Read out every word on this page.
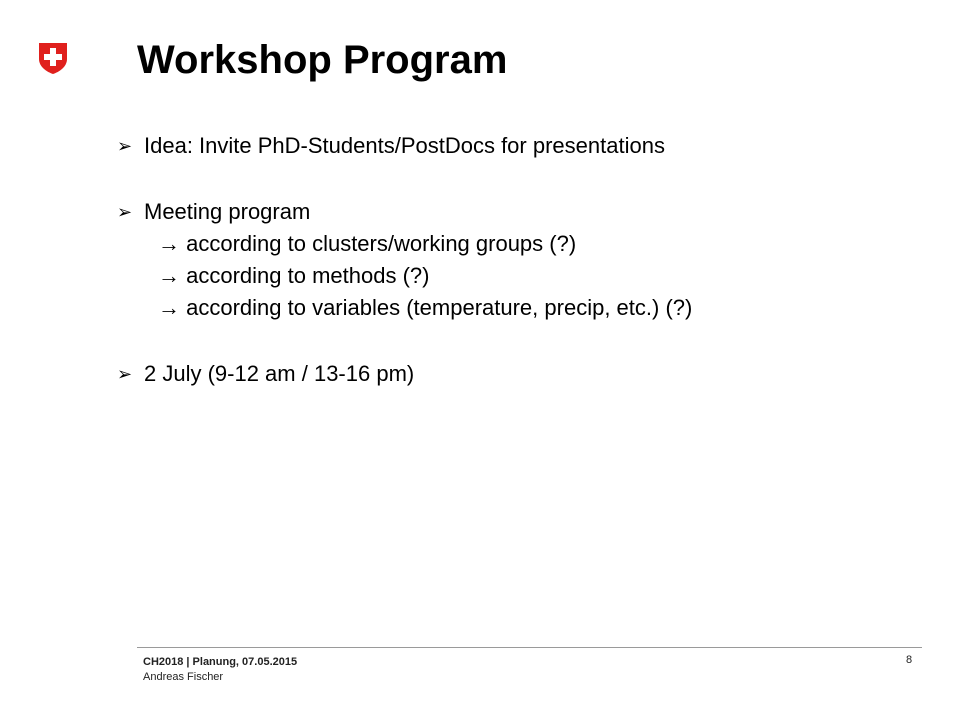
Workshop Program
➢ Idea: Invite PhD-Students/PostDocs for presentations
➢ Meeting program
→ according to clusters/working groups (?)
→ according to methods (?)
→ according to variables (temperature, precip, etc.) (?)
➢ 2 July (9-12 am / 13-16 pm)
CH2018 | Planung, 07.05.2015
Andreas Fischer
8
